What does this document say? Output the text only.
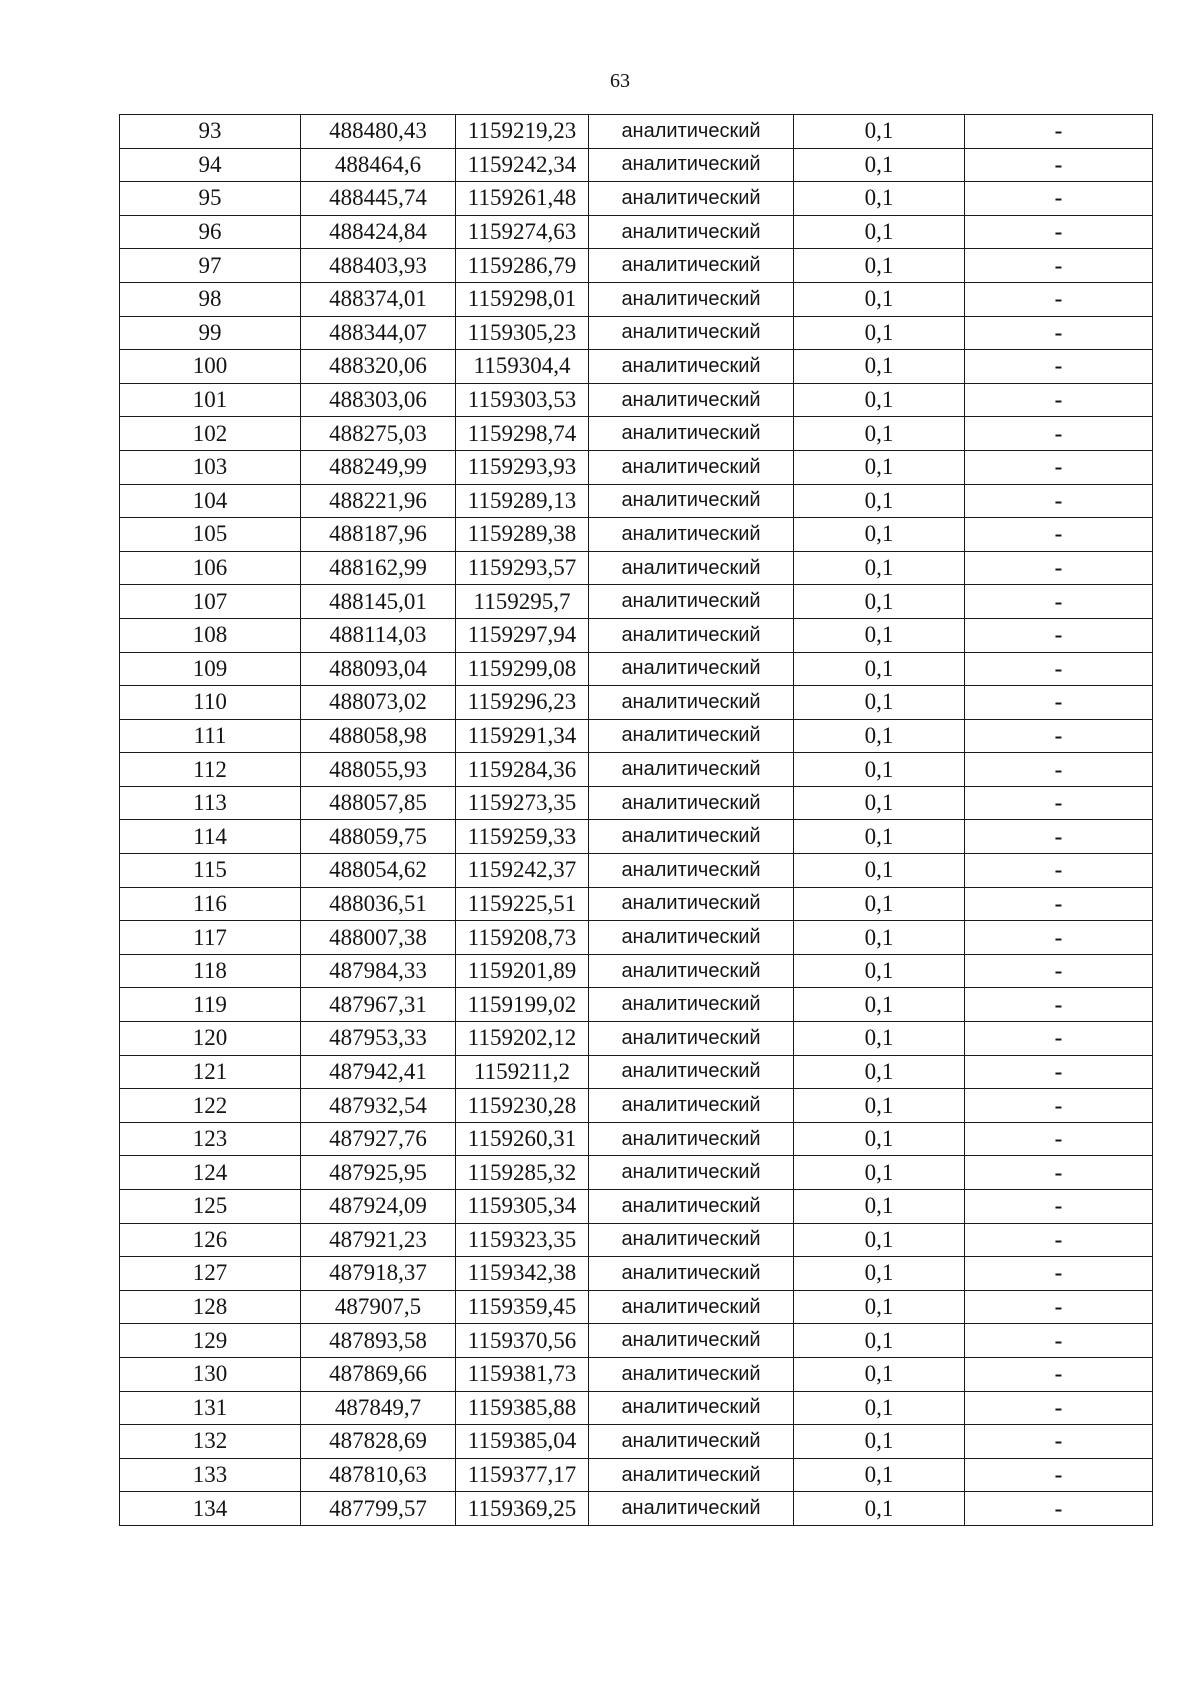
63
93	488480,43	1159219,23	аналитический	0,1	-
94	488464,6	1159242,34	аналитический	0,1	-
95	488445,74	1159261,48	аналитический	0,1	-
96	488424,84	1159274,63	аналитический	0,1	-
97	488403,93	1159286,79	аналитический	0,1	-
98	488374,01	1159298,01	аналитический	0,1	-
99	488344,07	1159305,23	аналитический	0,1	-
100	488320,06	1159304,4	аналитический	0,1	-
101	488303,06	1159303,53	аналитический	0,1	-
102	488275,03	1159298,74	аналитический	0,1	-
103	488249,99	1159293,93	аналитический	0,1	-
104	488221,96	1159289,13	аналитический	0,1	-
105	488187,96	1159289,38	аналитический	0,1	-
106	488162,99	1159293,57	аналитический	0,1	-
107	488145,01	1159295,7	аналитический	0,1	-
108	488114,03	1159297,94	аналитический	0,1	-
109	488093,04	1159299,08	аналитический	0,1	-
110	488073,02	1159296,23	аналитический	0,1	-
111	488058,98	1159291,34	аналитический	0,1	-
112	488055,93	1159284,36	аналитический	0,1	-
113	488057,85	1159273,35	аналитический	0,1	-
114	488059,75	1159259,33	аналитический	0,1	-
115	488054,62	1159242,37	аналитический	0,1	-
116	488036,51	1159225,51	аналитический	0,1	-
117	488007,38	1159208,73	аналитический	0,1	-
118	487984,33	1159201,89	аналитический	0,1	-
119	487967,31	1159199,02	аналитический	0,1	-
120	487953,33	1159202,12	аналитический	0,1	-
121	487942,41	1159211,2	аналитический	0,1	-
122	487932,54	1159230,28	аналитический	0,1	-
123	487927,76	1159260,31	аналитический	0,1	-
124	487925,95	1159285,32	аналитический	0,1	-
125	487924,09	1159305,34	аналитический	0,1	-
126	487921,23	1159323,35	аналитический	0,1	-
127	487918,37	1159342,38	аналитический	0,1	-
128	487907,5	1159359,45	аналитический	0,1	-
129	487893,58	1159370,56	аналитический	0,1	-
130	487869,66	1159381,73	аналитический	0,1	-
131	487849,7	1159385,88	аналитический	0,1	-
132	487828,69	1159385,04	аналитический	0,1	-
133	487810,63	1159377,17	аналитический	0,1	-
134	487799,57	1159369,25	аналитический	0,1	-
